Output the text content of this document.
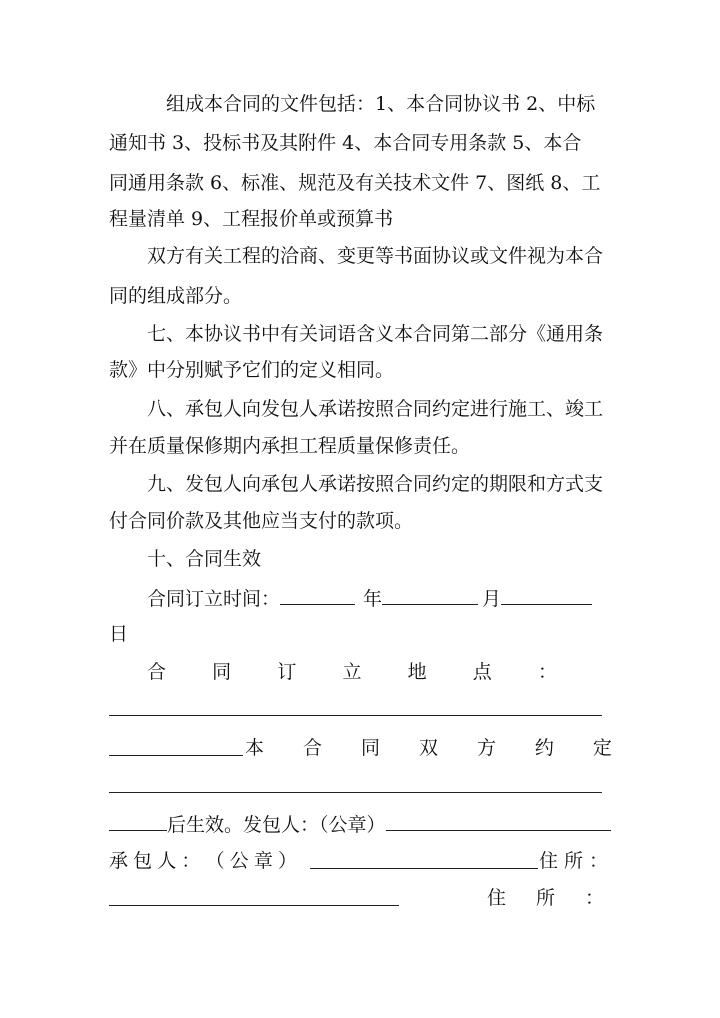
组成本合同的文件包括：1、本合同协议书 2、中标
通知书 3、投标书及其附件 4、本合同专用条款 5、本合
同通用条款 6、标准、规范及有关技术文件 7、图纸 8、工
程量清单 9、工程报价单或预算书
双方有关工程的洽商、变更等书面协议或文件视为本合
同的组成部分。
七、本协议书中有关词语含义本合同第二部分《通用条
款》中分别赋予它们的定义相同。
八、承包人向发包人承诺按照合同约定进行施工、竣工
并在质量保修期内承担工程质量保修责任。
九、发包人向承包人承诺按照合同约定的期限和方式支
付合同价款及其他应当支付的款项。
十、合同生效
合同订立时间：	年	月
日
合 同 订 立 地 点 ：
本 合 同 双 方 约 定
后生效。发包人：（公章）
承 包 人 ： （ 公 章 ）	住所：
住 所 ：
